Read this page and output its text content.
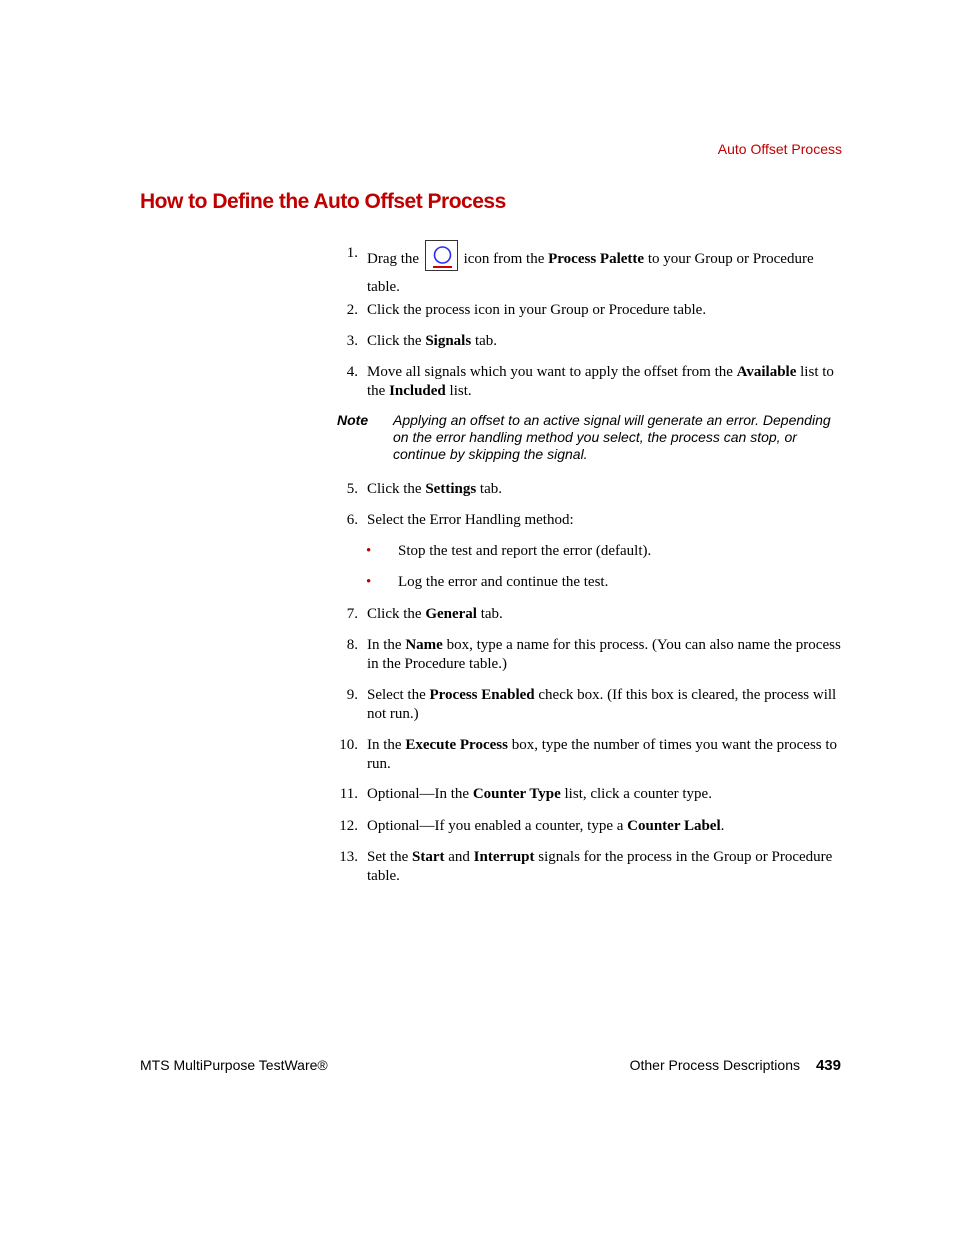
Auto Offset Process
How to Define the Auto Offset Process
1. Drag the
icon from the Process Palette to your Group or Procedure table.
2. Click the process icon in your Group or Procedure table.
3. Click the Signals tab.
4. Move all signals which you want to apply the offset from the Available list to the Included list.
Note Applying an offset to an active signal will generate an error. Depending on the error handling method you select, the process can stop, or continue by skipping the signal.
5. Click the Settings tab.
6. Select the Error Handling method:
• Stop the test and report the error (default).
• Log the error and continue the test.
7. Click the General tab.
8. In the Name box, type a name for this process. (You can also name the process in the Procedure table.)
9. Select the Process Enabled check box. (If this box is cleared, the process will not run.)
10. In the Execute Process box, type the number of times you want the process to run.
11. Optional—In the Counter Type list, click a counter type.
12. Optional—If you enabled a counter, type a Counter Label.
13. Set the Start and Interrupt signals for the process in the Group or Procedure table.
MTS MultiPurpose TestWare®	Other Process Descriptions 439
